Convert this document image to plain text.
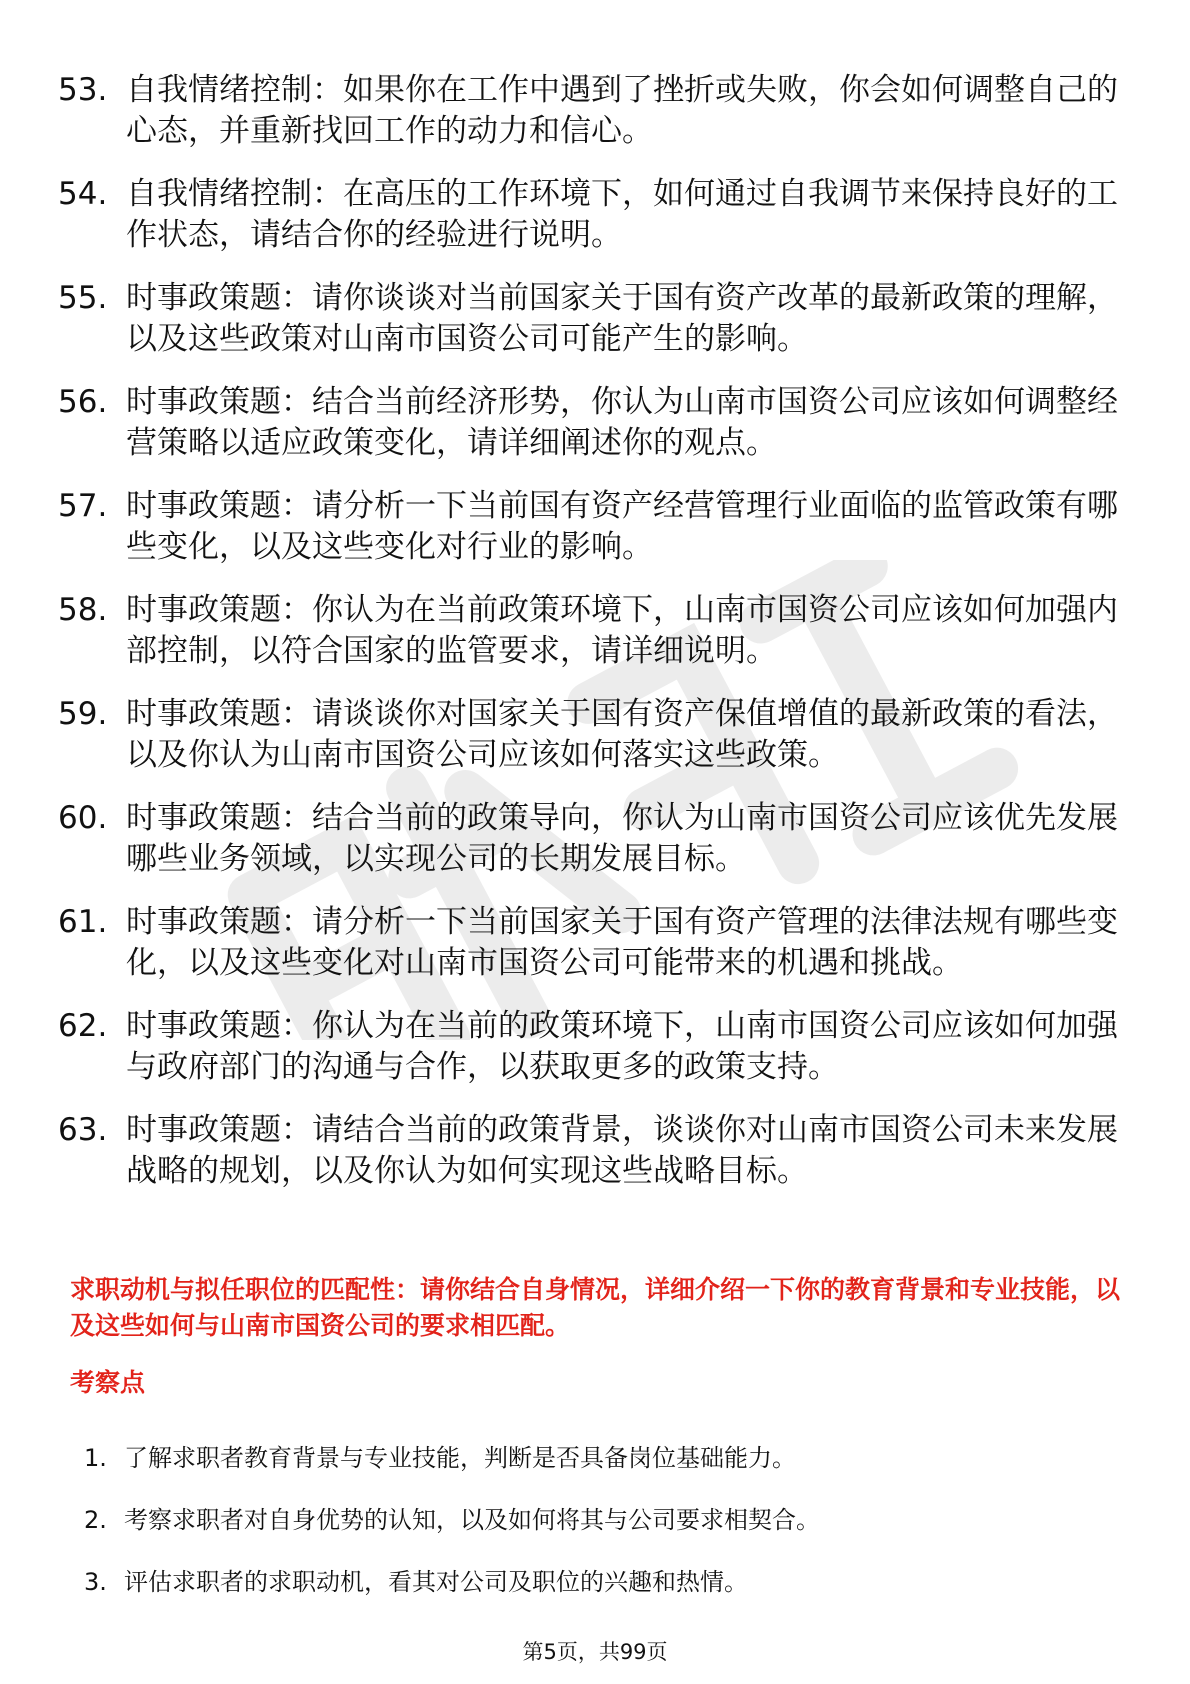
53. 自我情绪控制：如果你在工作中遇到了挫折或失败，你会如何调整自己的心态，并重新找回工作的动力和信心。
54. 自我情绪控制：在高压的工作环境下，如何通过自我调节来保持良好的工作状态，请结合你的经验进行说明。
55. 时事政策题：请你谈谈对当前国家关于国有资产改革的最新政策的理解，以及这些政策对山南市国资公司可能产生的影响。
56. 时事政策题：结合当前经济形势，你认为山南市国资公司应该如何调整经营策略以适应政策变化，请详细阐述你的观点。
57. 时事政策题：请分析一下当前国有资产经营管理行业面临的监管政策有哪些变化，以及这些变化对行业的影响。
58. 时事政策题：你认为在当前政策环境下，山南市国资公司应该如何加强内部控制，以符合国家的监管要求，请详细说明。
59. 时事政策题：请谈谈你对国家关于国有资产保值增值的最新政策的看法，以及你认为山南市国资公司应该如何落实这些政策。
60. 时事政策题：结合当前的政策导向，你认为山南市国资公司应该优先发展哪些业务领域，以实现公司的长期发展目标。
61. 时事政策题：请分析一下当前国家关于国有资产管理的法律法规有哪些变化，以及这些变化对山南市国资公司可能带来的机遇和挑战。
62. 时事政策题：你认为在当前的政策环境下，山南市国资公司应该如何加强与政府部门的沟通与合作，以获取更多的政策支持。
63. 时事政策题：请结合当前的政策背景，谈谈你对山南市国资公司未来发展战略的规划，以及你认为如何实现这些战略目标。

求职动机与拟任职位的匹配性：请你结合自身情况，详细介绍一下你的教育背景和专业技能，以及这些如何与山南市国资公司的要求相匹配。

考察点
1. 了解求职者教育背景与专业技能，判断是否具备岗位基础能力。
2. 考察求职者对自身优势的认知，以及如何将其与公司要求相契合。
3. 评估求职者的求职动机，看其对公司及职位的兴趣和热情。
第5页，共99页
